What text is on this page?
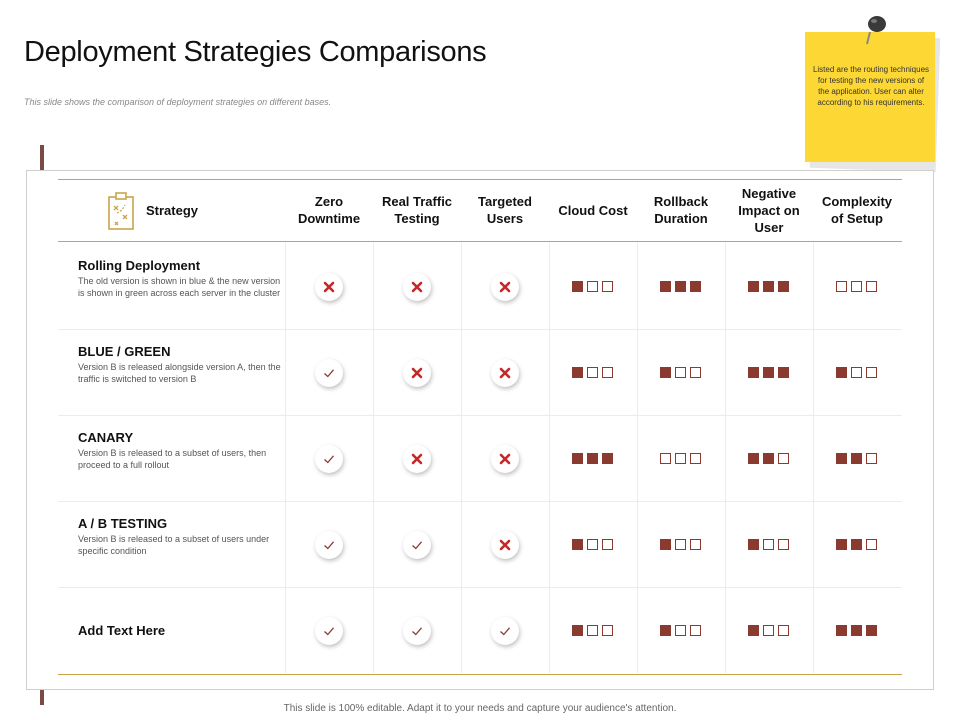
Deployment Strategies Comparisons
This slide shows the comparison of deployment strategies on different bases.
Listed are the routing techniques for testing the new versions of the application. User can alter according to his requirements.
Strategy
Zero Downtime
Real Traffic Testing
Targeted Users
Cloud Cost
Rollback Duration
Negative Impact on User
Complexity of Setup
Rolling Deployment
The old version is shown in blue & the new version is shown in green across each server in the cluster
BLUE / GREEN
Version B is released alongside version A, then the traffic is switched to version B
CANARY
Version B is released to a subset of users, then proceed to a full rollout
A / B TESTING
Version B is released to a subset of users under specific condition
Add Text Here
This slide is 100% editable. Adapt it to your needs and capture your audience's attention.
